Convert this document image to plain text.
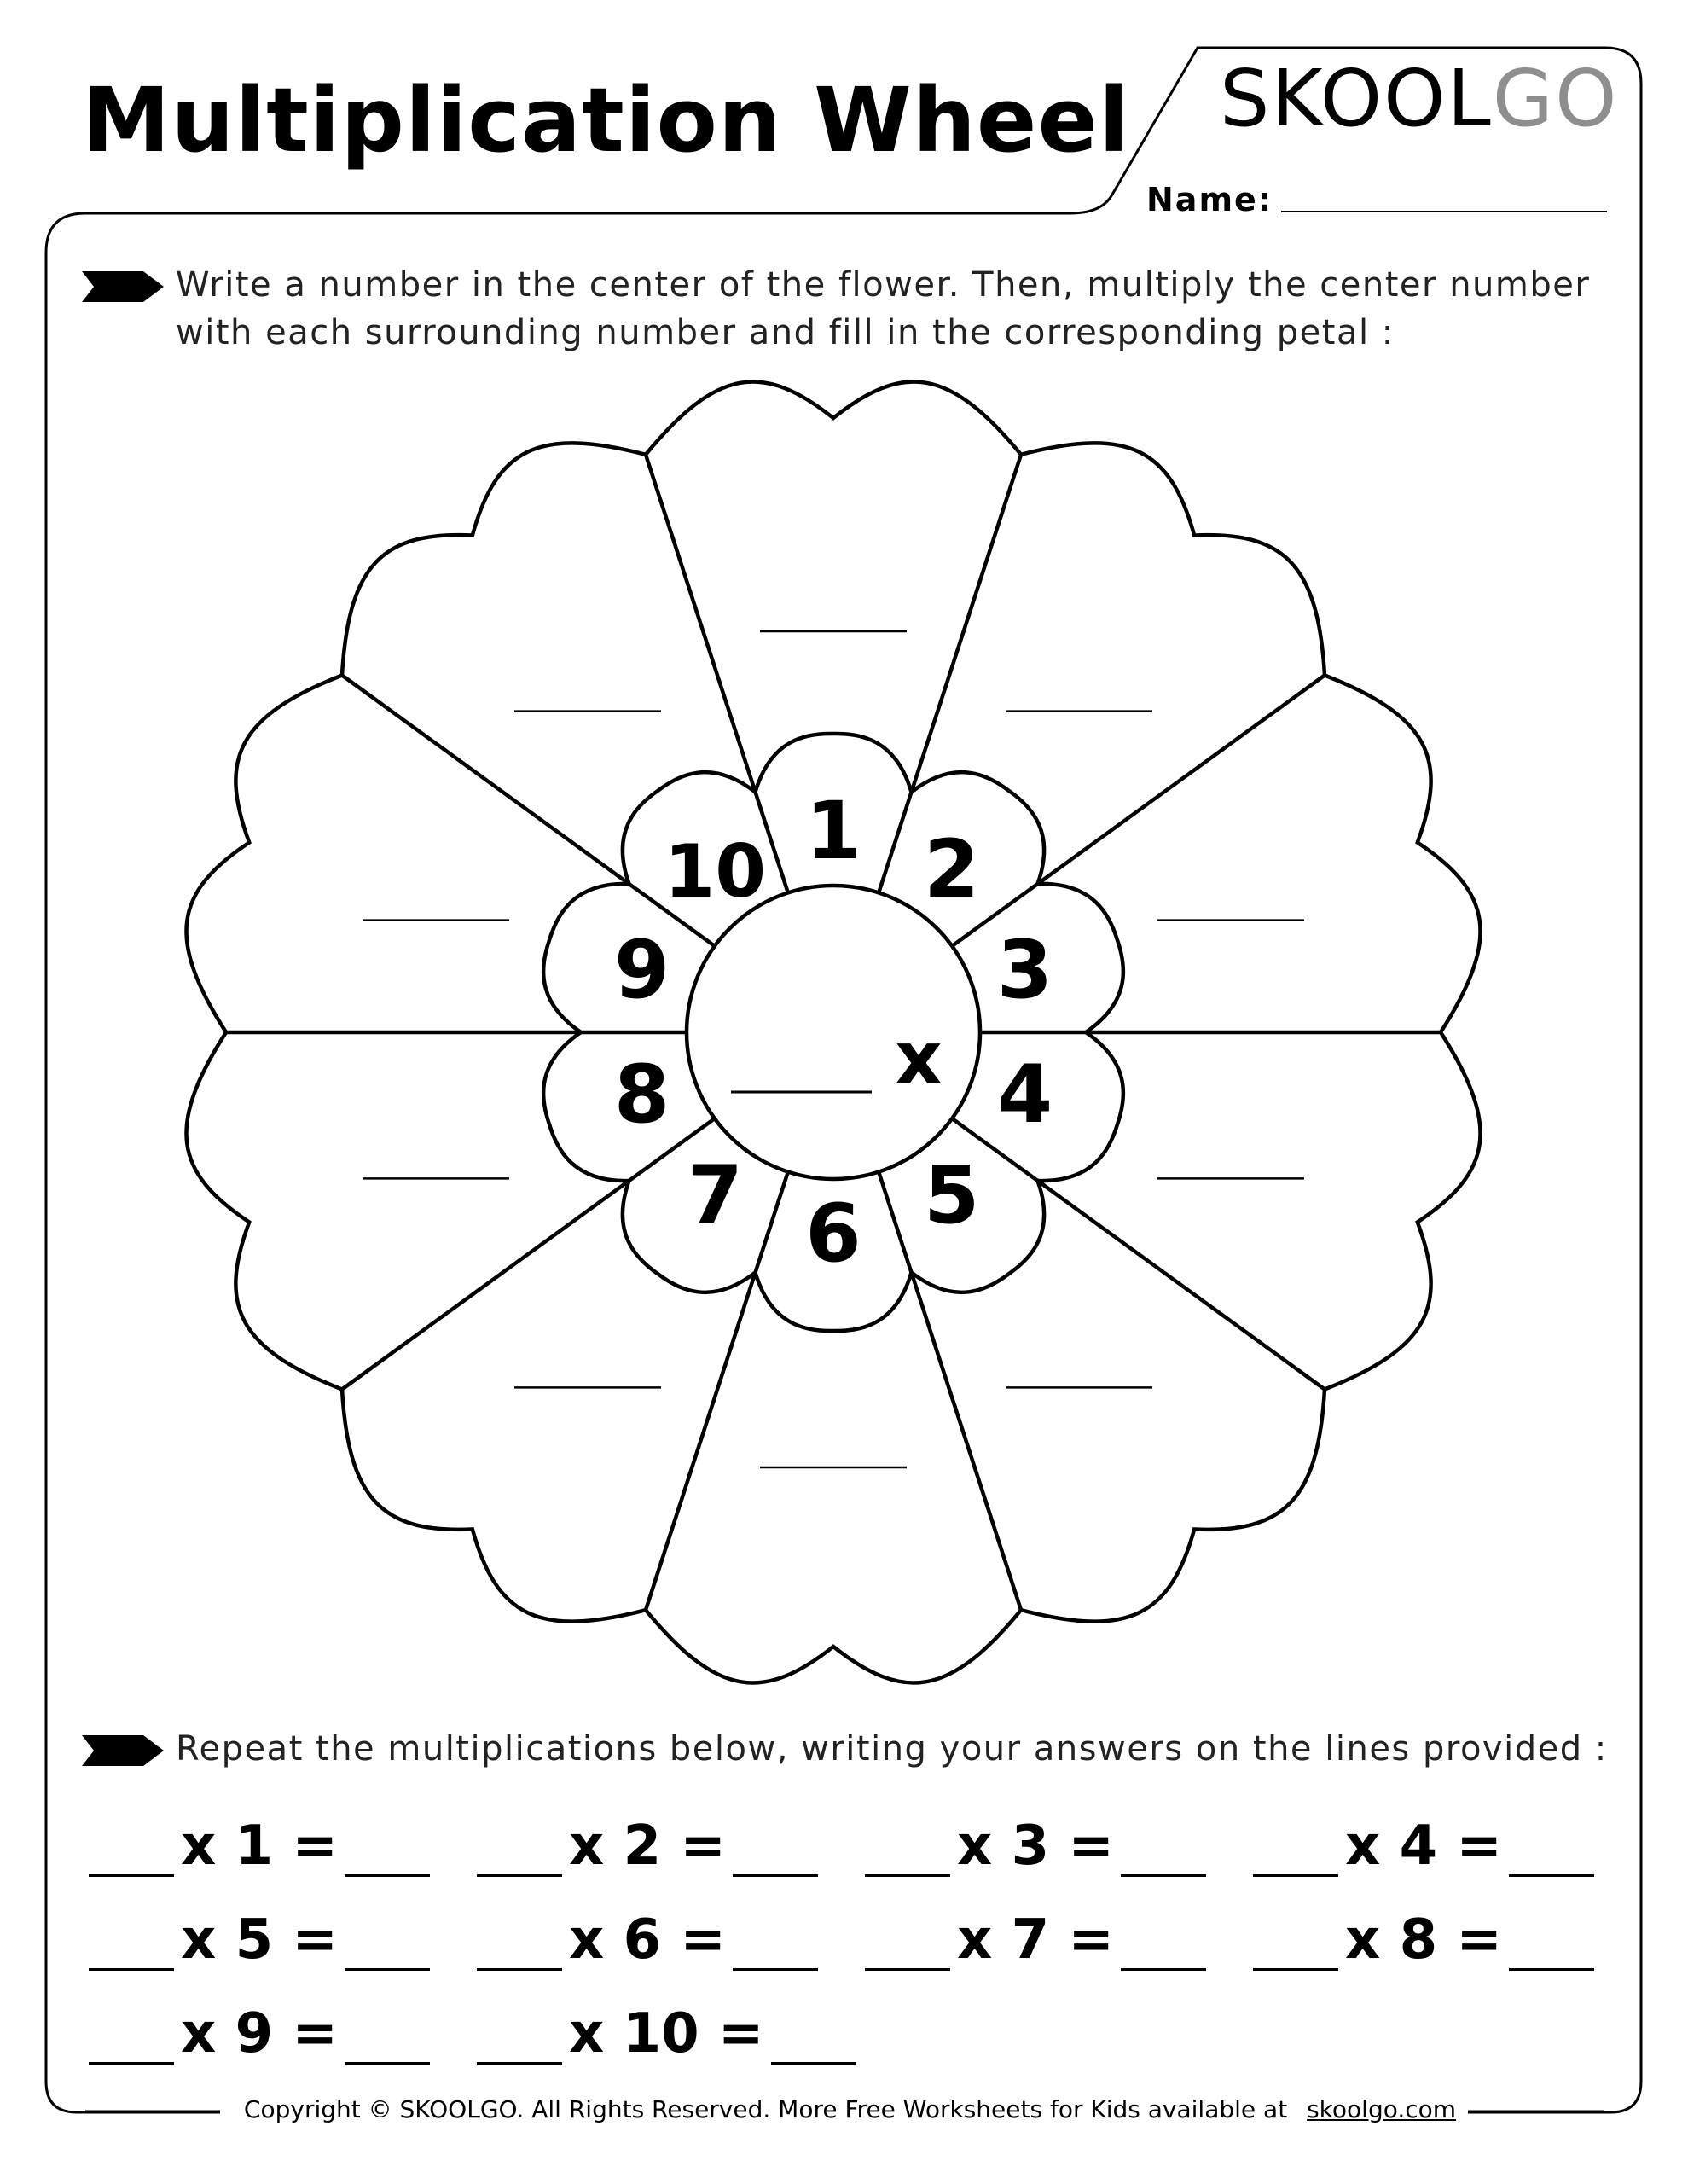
x
1 2
3
4
5
6
7
8
9
10
Multiplication Wheel SKOOLGO
Name:
Write a number in the center of the flower. Then, multiply the center number with each surrounding number and fill in the corresponding petal :
Repeat the multiplications below, writing your answers on the lines provided :
x 1 =	x 2 =	x 3 =	x 4 =
x 5 =	x 6 =	x 7 =	x 8 =
x 9 =	x 10 =
Copyright © SKOOLGO. All Rights Reserved. More Free Worksheets for Kids available at skoolgo.com
